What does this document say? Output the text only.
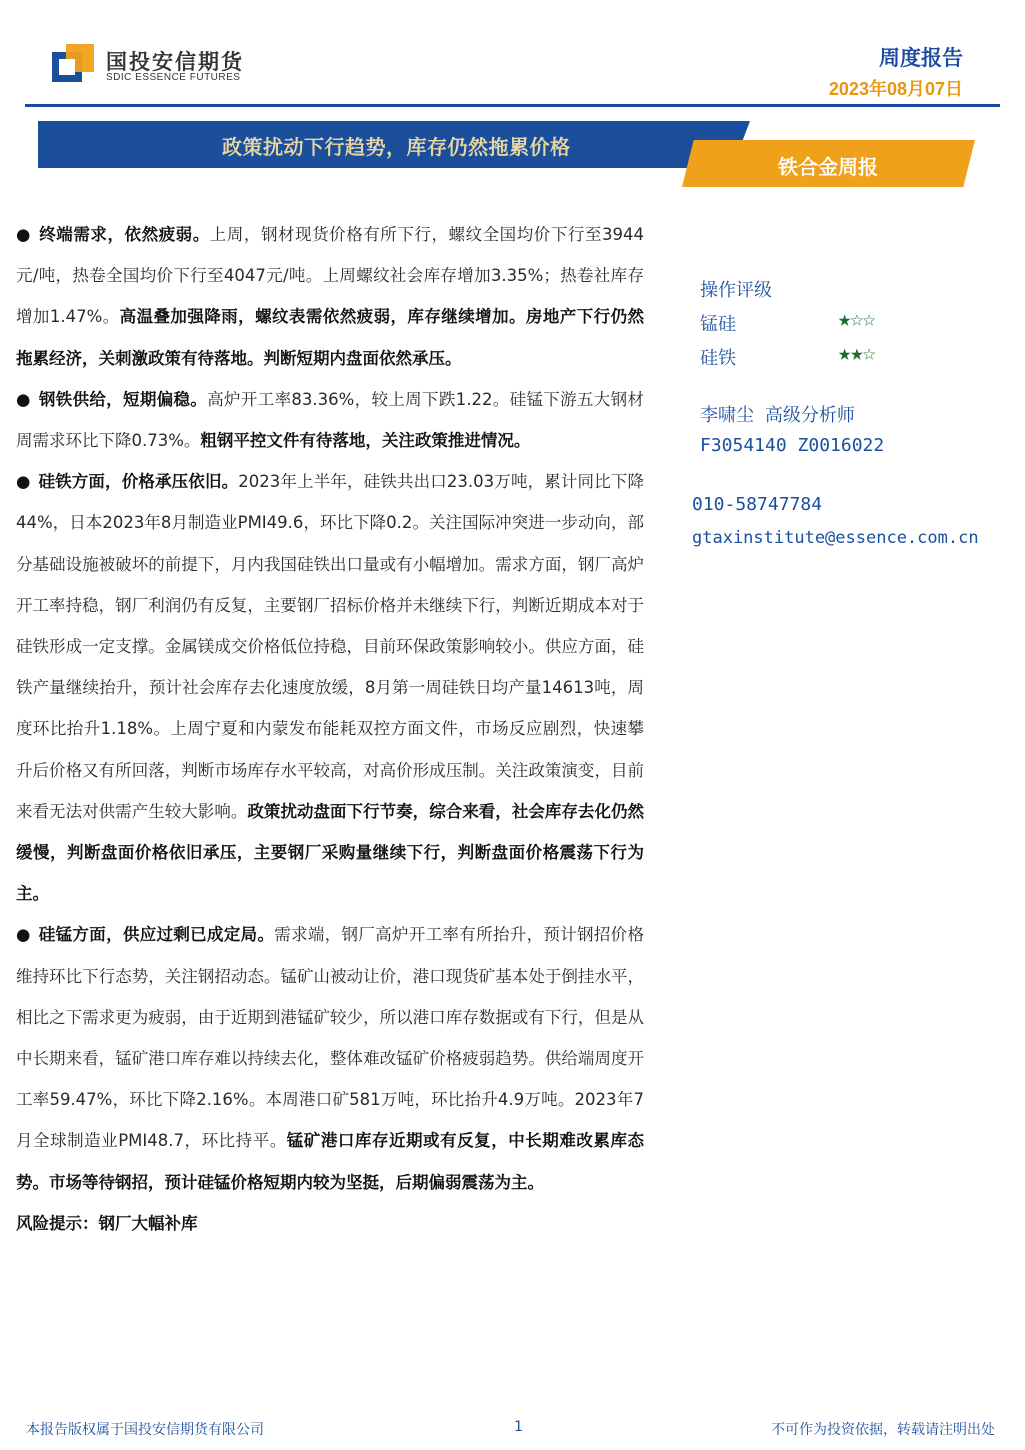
国投安信期货
SDIC ESSENCE FUTURES
周度报告
2023年08月07日
政策扰动下行趋势，库存仍然拖累价格
铁合金周报

● 终端需求，依然疲弱。上周，钢材现货价格有所下行，螺纹全国均价下行至3944元/吨，热卷全国均价下行至4047元/吨。上周螺纹社会库存增加3.35%；热卷社库存增加1.47%。高温叠加强降雨，螺纹表需依然疲弱，库存继续增加。房地产下行仍然拖累经济，关刺激政策有待落地。判断短期内盘面依然承压。

● 钢铁供给，短期偏稳。高炉开工率83.36%，较上周下跌1.22。硅锰下游五大钢材周需求环比下降0.73%。粗钢平控文件有待落地，关注政策推进情况。

● 硅铁方面，价格承压依旧。2023年上半年，硅铁共出口23.03万吨，累计同比下降44%，日本2023年8月制造业PMI49.6，环比下降0.2。关注国际冲突进一步动向，部分基础设施被破坏的前提下，月内我国硅铁出口量或有小幅增加。需求方面，钢厂高炉开工率持稳，钢厂利润仍有反复，主要钢厂招标价格并未继续下行，判断近期成本对于硅铁形成一定支撑。金属镁成交价格低位持稳，目前环保政策影响较小。供应方面，硅铁产量继续抬升，预计社会库存去化速度放缓，8月第一周硅铁日均产量14613吨，周度环比抬升1.18%。上周宁夏和内蒙发布能耗双控方面文件，市场反应剧烈，快速攀升后价格又有所回落，判断市场库存水平较高，对高价形成压制。关注政策演变，目前来看无法对供需产生较大影响。政策扰动盘面下行节奏，综合来看，社会库存去化仍然缓慢，判断盘面价格依旧承压，主要钢厂采购量继续下行，判断盘面价格震荡下行为主。

● 硅锰方面，供应过剩已成定局。需求端，钢厂高炉开工率有所抬升，预计钢招价格维持环比下行态势，关注钢招动态。锰矿山被动让价，港口现货矿基本处于倒挂水平，相比之下需求更为疲弱，由于近期到港锰矿较少，所以港口库存数据或有下行，但是从中长期来看，锰矿港口库存难以持续去化，整体难改锰矿价格疲弱趋势。供给端周度开工率59.47%，环比下降2.16%。本周港口矿581万吨，环比抬升4.9万吨。2023年7月全球制造业PMI48.7，环比持平。锰矿港口库存近期或有反复，中长期难改累库态势。市场等待钢招，预计硅锰价格短期内较为坚挺，后期偏弱震荡为主。

风险提示：钢厂大幅补库

操作评级
锰硅	★☆☆
硅铁	★★☆
李啸尘 高级分析师
F3054140 Z0016022
010-58747784
gtaxinstitute@essence.com.cn
本报告版权属于国投安信期货有限公司	1	不可作为投资依据，转载请注明出处
